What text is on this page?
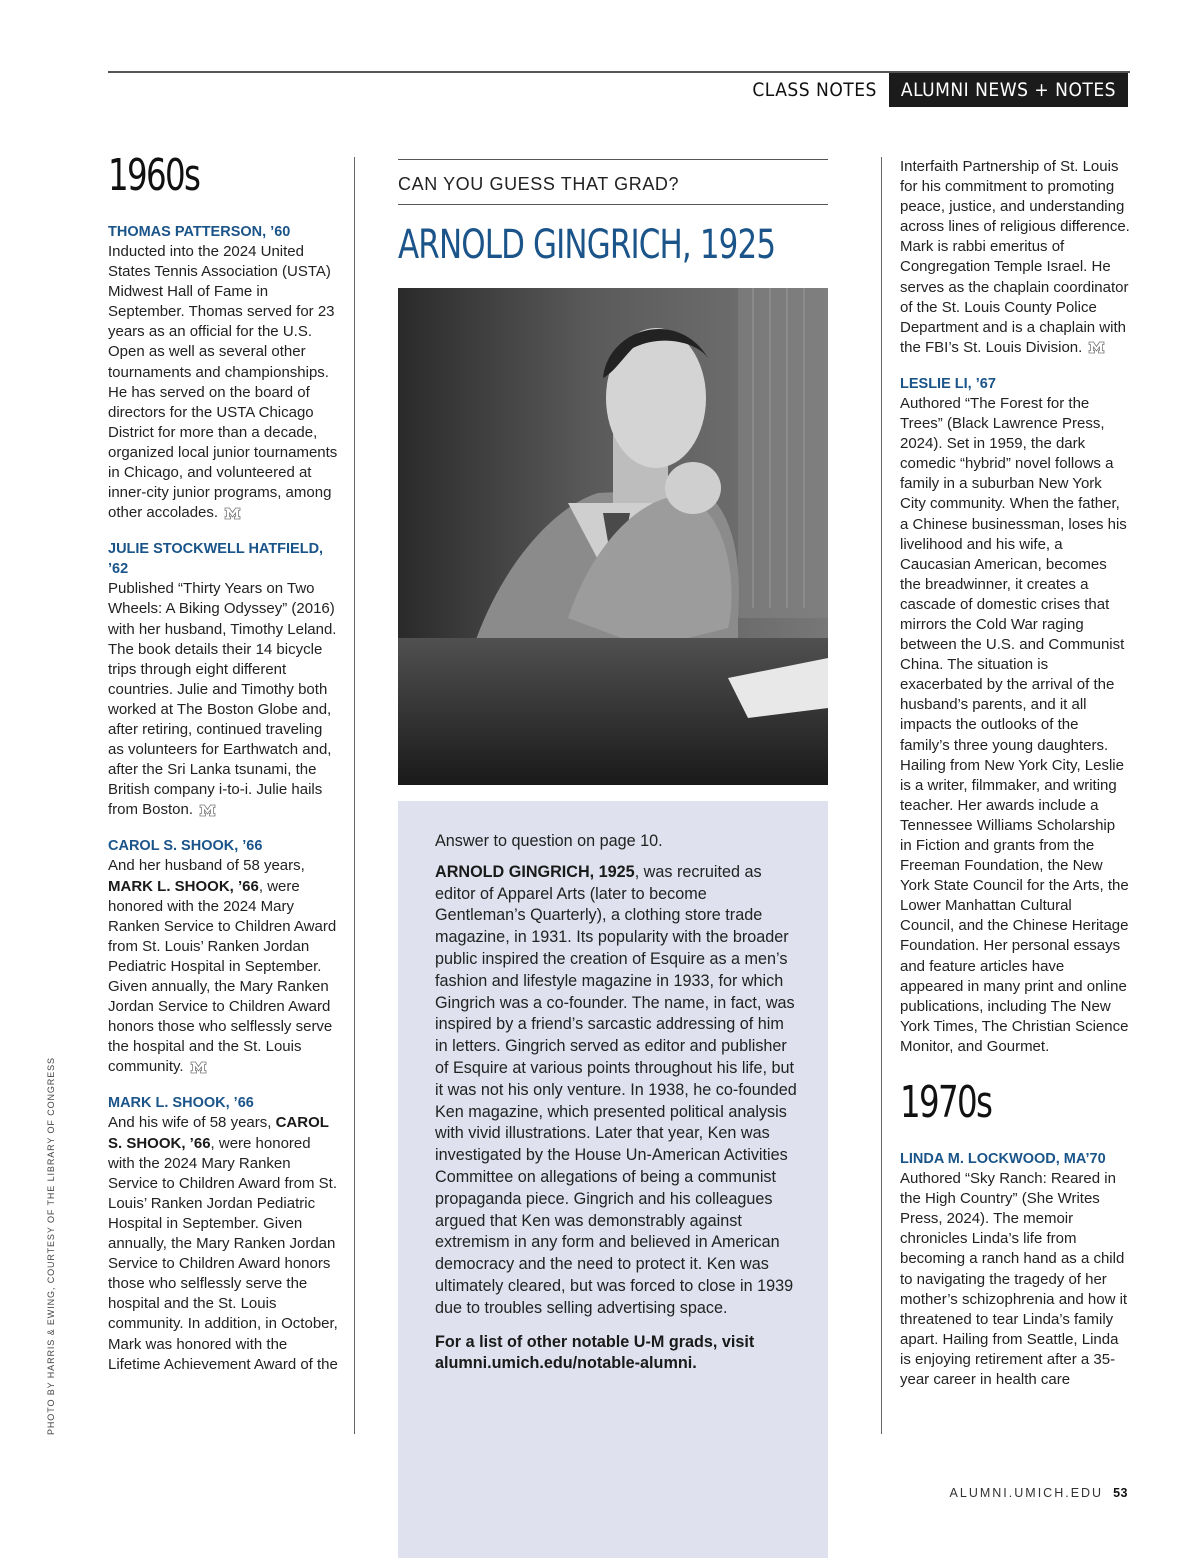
CLASS NOTES	ALUMNI NEWS + NOTES
1960s
THOMAS PATTERSON, ’60
Inducted into the 2024 United States Tennis Association (USTA) Midwest Hall of Fame in September. Thomas served for 23 years as an official for the U.S. Open as well as several other tournaments and championships. He has served on the board of directors for the USTA Chicago District for more than a decade, organized local junior tournaments in Chicago, and volunteered at inner-city junior programs, among other accolades.
JULIE STOCKWELL HATFIELD, ’62
Published “Thirty Years on Two Wheels: A Biking Odyssey” (2016) with her husband, Timothy Leland. The book details their 14 bicycle trips through eight different countries. Julie and Timothy both worked at The Boston Globe and, after retiring, continued traveling as volunteers for Earthwatch and, after the Sri Lanka tsunami, the British company i-to-i. Julie hails from Boston.
CAROL S. SHOOK, ’66
And her husband of 58 years, MARK L. SHOOK, ’66, were honored with the 2024 Mary Ranken Service to Children Award from St. Louis’ Ranken Jordan Pediatric Hospital in September. Given annually, the Mary Ranken Jordan Service to Children Award honors those who selflessly serve the hospital and the St. Louis community.
MARK L. SHOOK, ’66
And his wife of 58 years, CAROL S. SHOOK, ’66, were honored with the 2024 Mary Ranken Service to Children Award from St. Louis’ Ranken Jordan Pediatric Hospital in September. Given annually, the Mary Ranken Jordan Service to Children Award honors those who selflessly serve the hospital and the St. Louis community. In addition, in October, Mark was honored with the Lifetime Achievement Award of the
CAN YOU GUESS THAT GRAD?
ARNOLD GINGRICH, 1925

Answer to question on page 10.

ARNOLD GINGRICH, 1925, was recruited as editor of Apparel Arts (later to become Gentleman’s Quarterly), a clothing store trade magazine, in 1931. Its popularity with the broader public inspired the creation of Esquire as a men’s fashion and lifestyle magazine in 1933, for which Gingrich was a co-founder. The name, in fact, was inspired by a friend’s sarcastic addressing of him in letters. Gingrich served as editor and publisher of Esquire at various points throughout his life, but it was not his only venture. In 1938, he co-founded Ken magazine, which presented political analysis with vivid illustrations. Later that year, Ken was investigated by the House Un-American Activities Committee on allegations of being a communist propaganda piece. Gingrich and his colleagues argued that Ken was demonstrably against extremism in any form and believed in American democracy and the need to protect it. Ken was ultimately cleared, but was forced to close in 1939 due to troubles selling advertising space.

For a list of other notable U-M grads, visit alumni.umich.edu/notable-alumni.

Interfaith Partnership of St. Louis for his commitment to promoting peace, justice, and understanding across lines of religious difference. Mark is rabbi emeritus of Congregation Temple Israel. He serves as the chaplain coordinator of the St. Louis County Police Department and is a chaplain with the FBI’s St. Louis Division.
LESLIE LI, ’67
Authored “The Forest for the Trees” (Black Lawrence Press, 2024). Set in 1959, the dark comedic “hybrid” novel follows a family in a suburban New York City community. When the father, a Chinese businessman, loses his livelihood and his wife, a Caucasian American, becomes the breadwinner, it creates a cascade of domestic crises that mirrors the Cold War raging between the U.S. and Communist China. The situation is exacerbated by the arrival of the husband’s parents, and it all impacts the outlooks of the family’s three young daughters. Hailing from New York City, Leslie is a writer, filmmaker, and writing teacher. Her awards include a Tennessee Williams Scholarship in Fiction and grants from the Freeman Foundation, the New York State Council for the Arts, the Lower Manhattan Cultural Council, and the Chinese Heritage Foundation. Her personal essays and feature articles have appeared in many print and online publications, including The New York Times, The Christian Science Monitor, and Gourmet.
1970s
LINDA M. LOCKWOOD, MA’70
Authored “Sky Ranch: Reared in the High Country” (She Writes Press, 2024). The memoir chronicles Linda’s life from becoming a ranch hand as a child to navigating the tragedy of her mother’s schizophrenia and how it threatened to tear Linda’s family apart. Hailing from Seattle, Linda is enjoying retirement after a 35-year career in health care
PHOTO BY HARRIS & EWING, COURTESY OF THE LIBRARY OF CONGRESS
ALUMNI.UMICH.EDU 53
